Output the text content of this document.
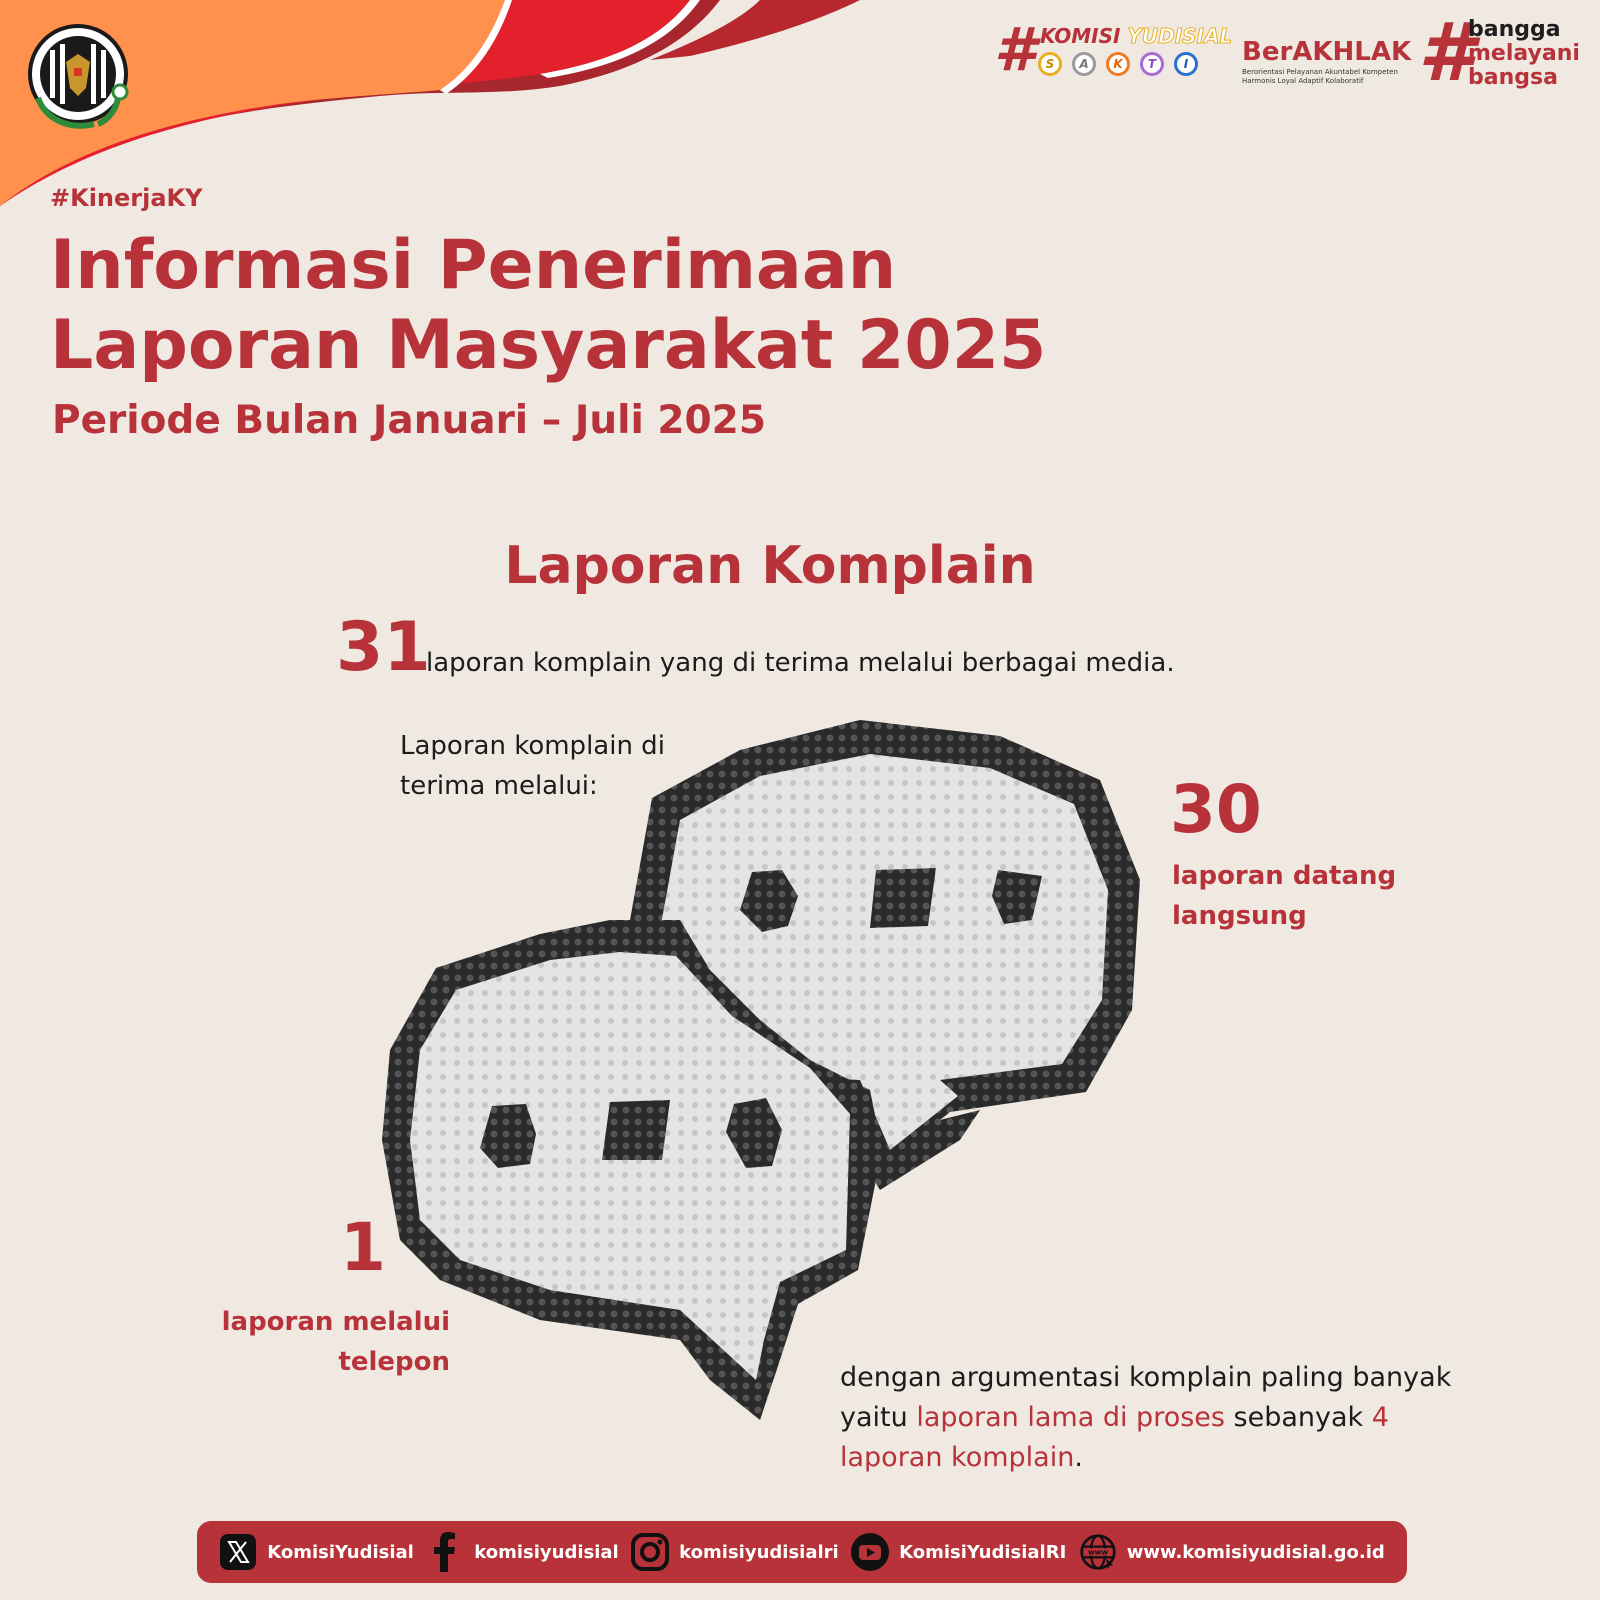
# KOMISI YUDISIAL
S	A	K	T	I	BerAKHLAK
Berorientasi Pelayanan Akuntabel Kompeten
Harmonis Loyal Adaptif Kolaboratif #
bangga
melayani
bangsa
#KinerjaKY
Informasi Penerimaan
Laporan Masyarakat 2025
Periode Bulan Januari – Juli 2025
Laporan Komplain
31
laporan komplain yang di terima melalui berbagai media.
Laporan komplain di
terima melalui:	30
laporan datang
langsung
1
laporan melalui
telepon	dengan argumentasi komplain paling banyak yaitu laporan lama di proses sebanyak 4 laporan komplain.
KomisiYudisial	komisiyudisial	komisiyudisialri	KomisiYudisialRI	www www.komisiyudisial.go.id
